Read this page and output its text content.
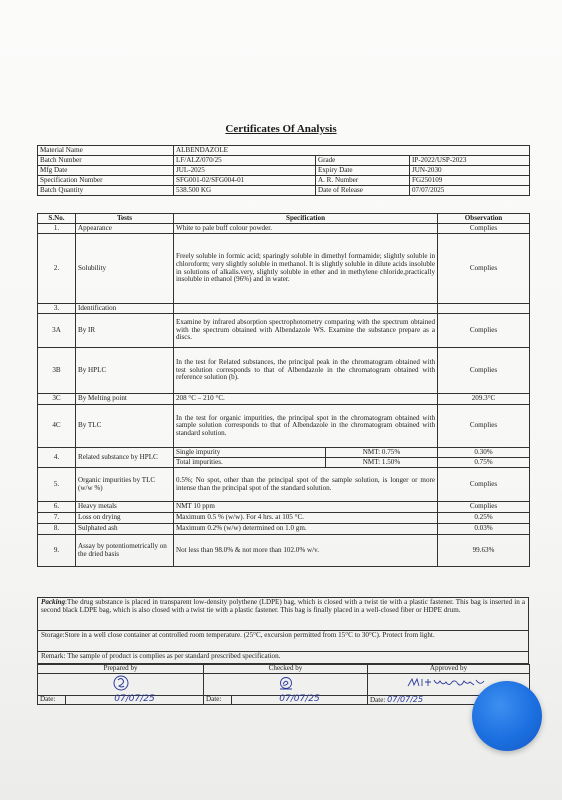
Certificates Of Analysis
Material Name	ALBENDAZOLE		
Batch Number	LF/ALZ/070/25	Grade	IP-2022/USP-2023
Mfg Date	JUL-2025	Expiry Date	JUN-2030
Specification Number	SFG001-02/SFG004-01	A. R. Number	FG250109
Batch Quantity	538.500 KG	Date of Release	07/07/2025
S.No.	Tests	Specification		Observation
1.	Appearance	White to pale buff colour powder.		Complies
2.	Solubility	Freely soluble in formic acid; sparingly soluble in dimethyl formamide; slightly soluble in chloroform; very slightly soluble in methanol. It is slightly soluble in dilute acids insoluble in solutions of alkalis.very, slightly soluble in ether and in methylene chloride,practically insoluble in ethanol (96%) and in water.		Complies
3.	Identification			
3A	By IR	Examine by infrared absorption spectrophotometry comparing with the spectrum obtained with the spectrum obtained with Albendazole WS. Examine the substance prepare as a discs.		Complies
3B	By HPLC	In the test for Related substances, the principal peak in the chromatogram obtained with test solution corresponds to that of Albendazole in the chromatogram obtained with reference solution (b).		Complies
3C	By Melting point	208 °C – 210 °C.		209.3°C
4C	By TLC	In the test for organic impurities, the principal spot in the chromatogram obtained with sample solution corresponds to that of Albendazole in the chromatogram obtained with standard solution.		Complies
4.	Related substance by HPLC	Single impurity	NMT: 0.75%	0.30%
		Total impurities.	NMT: 1.50%	0.75%
5.	Organic impurities by TLC (w/w %)	0.5%; No spot, other than the principal spot of the sample solution, is longer or more intense than the principal spot of the standard solution.		Complies
6.	Heavy metals	NMT 10 ppm		Complies
7.	Loss on drying	Maximum 0.5 % (w/w). For 4 hrs. at 105 °C.		0.25%
8.	Sulphated ash	Maximum 0.2% (w/w) determined on 1.0 gm.		0.03%
9.	Assay by potentiometrically on the dried basis	Not less than 98.0% & not more than 102.0% w/v.		99.63%
Packing:The drug substance is placed in transparent low-density polythene (LDPE) bag, which is closed with a twist tie with a plastic fastener. This bag is inserted in a second black LDPE bag, which is also closed with a twist tie with a plastic fastener. This bag is finally placed in a well-closed fiber or HDPE drum.
Storage:Store in a well close container at controlled room temperature. (25°C, excursion permitted from 15°C to 30°C). Protect from light.
Remark: The sample of product is complies as per standard prescribed specification.
Prepared by		Checked by		Approved by

Date:	07/07/25	Date:	07/07/25	Date: 07/07/25
